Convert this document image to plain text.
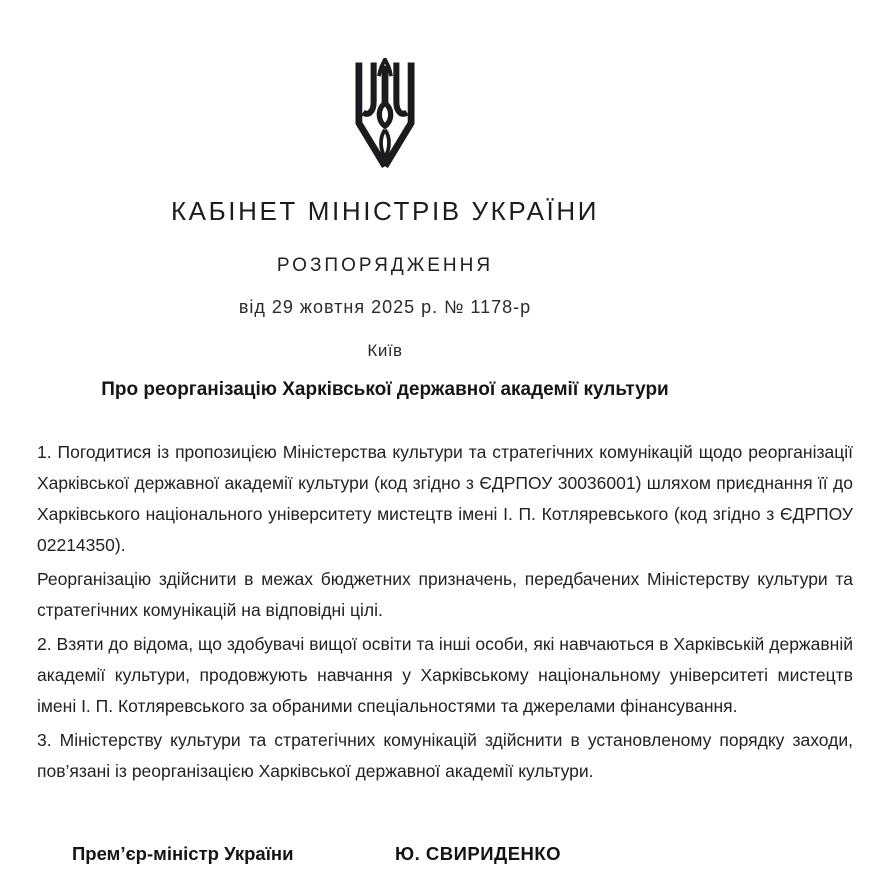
КАБІНЕТ МІНІСТРІВ УКРАЇНИ
РОЗПОРЯДЖЕННЯ
від 29 жовтня 2025 р. № 1178-р
Київ
Про реорганізацію Харківської державної академії культури

1. Погодитися із пропозицією Міністерства культури та стратегічних комунікацій щодо реорганізації Харківської державної академії культури (код згідно з ЄДРПОУ 30036001) шляхом приєднання її до Харківського національного університету мистецтв імені І. П. Котляревського (код згідно з ЄДРПОУ 02214350).

Реорганізацію здійснити в межах бюджетних призначень, передбачених Міністерству культури та стратегічних комунікацій на відповідні цілі.

2. Взяти до відома, що здобувачі вищої освіти та інші особи, які навчаються в Харківській державній академії культури, продовжують навчання у Харківському національному університеті мистецтв імені І. П. Котляревського за обраними спеціальностями та джерелами фінансування.

3. Міністерству культури та стратегічних комунікацій здійснити в установленому порядку заходи, пов’язані із реорганізацією Харківської державної академії культури.

Прем’єр-міністр України	Ю. СВИРИДЕНКО
